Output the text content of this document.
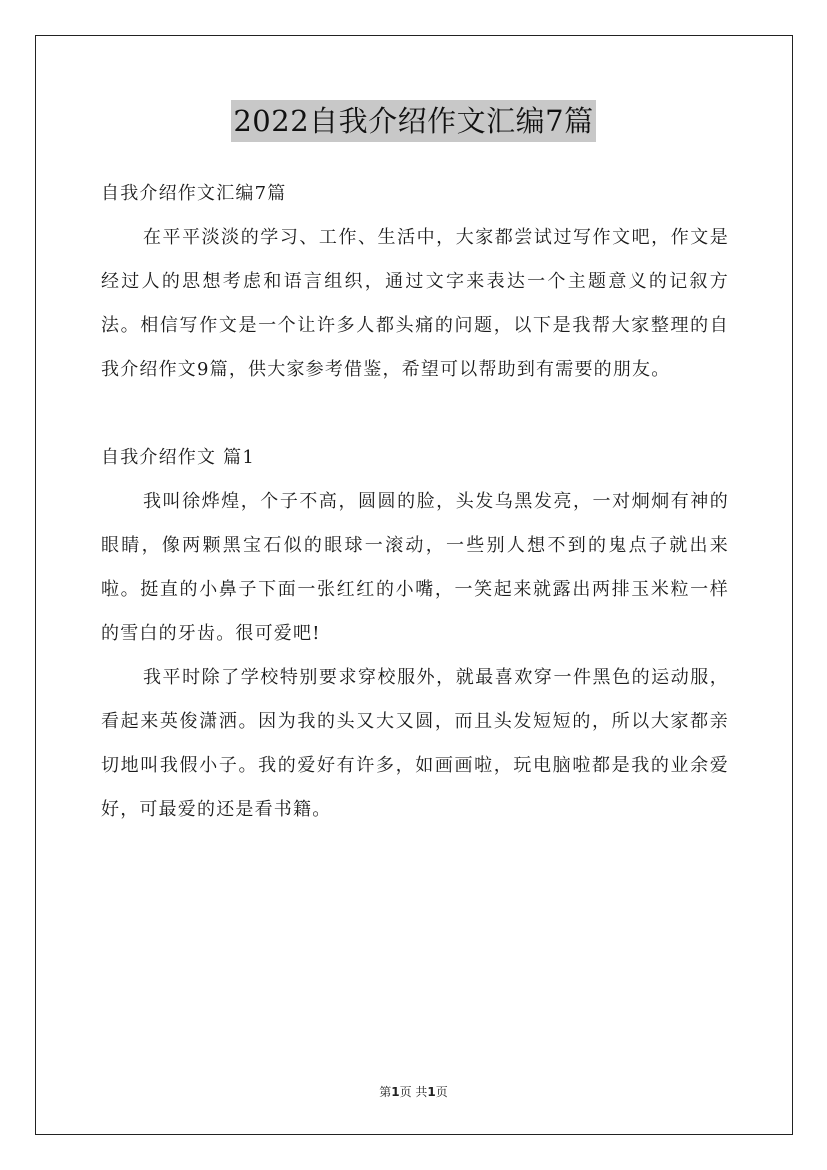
2022自我介绍作文汇编7篇

自我介绍作文汇编7篇

在平平淡淡的学习、工作、生活中，大家都尝试过写作文吧，作文是经过人的思想考虑和语言组织，通过文字来表达一个主题意义的记叙方法。相信写作文是一个让许多人都头痛的问题，以下是我帮大家整理的自我介绍作文9篇，供大家参考借鉴，希望可以帮助到有需要的朋友。

自我介绍作文 篇1

我叫徐烨煌，个子不高，圆圆的脸，头发乌黑发亮，一对炯炯有神的眼睛，像两颗黑宝石似的眼球一滚动，一些别人想不到的鬼点子就出来啦。挺直的小鼻子下面一张红红的小嘴，一笑起来就露出两排玉米粒一样的雪白的牙齿。很可爱吧!

我平时除了学校特别要求穿校服外，就最喜欢穿一件黑色的运动服，看起来英俊潇洒。因为我的头又大又圆，而且头发短短的，所以大家都亲切地叫我假小子。我的爱好有许多，如画画啦，玩电脑啦都是我的业余爱好，可最爱的还是看书籍。

第1页 共1页
